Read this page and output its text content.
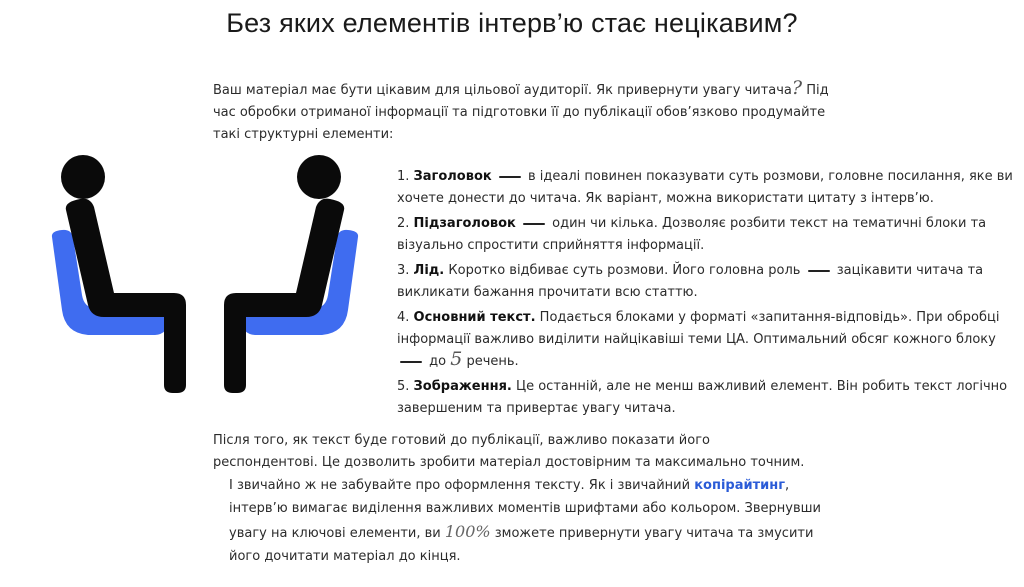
Без яких елементів інтерв’ю стає нецікавим?

Ваш матеріал має бути цікавим для цільової аудиторії. Як привернути увагу читача? Під час обробки отриманої інформації та підготовки її до публікації обов’язково продумайте такі структурні елементи:

1. Заголовок	в ідеалі повинен показувати суть розмови, головне посилання, яке ви хочете донести до читача. Як варіант, можна використати цитату з інтерв’ю.
2. Підзаголовок	один чи кілька. Дозволяє розбити текст на тематичні блоки та візуально спростити сприйняття інформації.
3. Лід. Коротко відбиває суть розмови. Його головна роль	зацікавити читача та викликати бажання прочитати всю статтю.
4. Основний текст. Подається блоками у форматі «запитання-відповідь». При обробці інформації важливо виділити найцікавіші теми ЦА. Оптимальний обсяг кожного блоку  до 5 речень.
5. Зображення. Це останній, але не менш важливий елемент. Він робить текст логічно завершеним та привертає увагу читача.

Після того, як текст буде готовий до публікації, важливо показати його респондентові. Це дозволить зробити матеріал достовірним та максимально точним.

І звичайно ж не забувайте про оформлення тексту. Як і звичайний копірайтинг, інтерв’ю вимагає виділення важливих моментів шрифтами або кольором. Звернувши увагу на ключові елементи, ви 100% зможете привернути увагу читача та змусити його дочитати матеріал до кінця.
